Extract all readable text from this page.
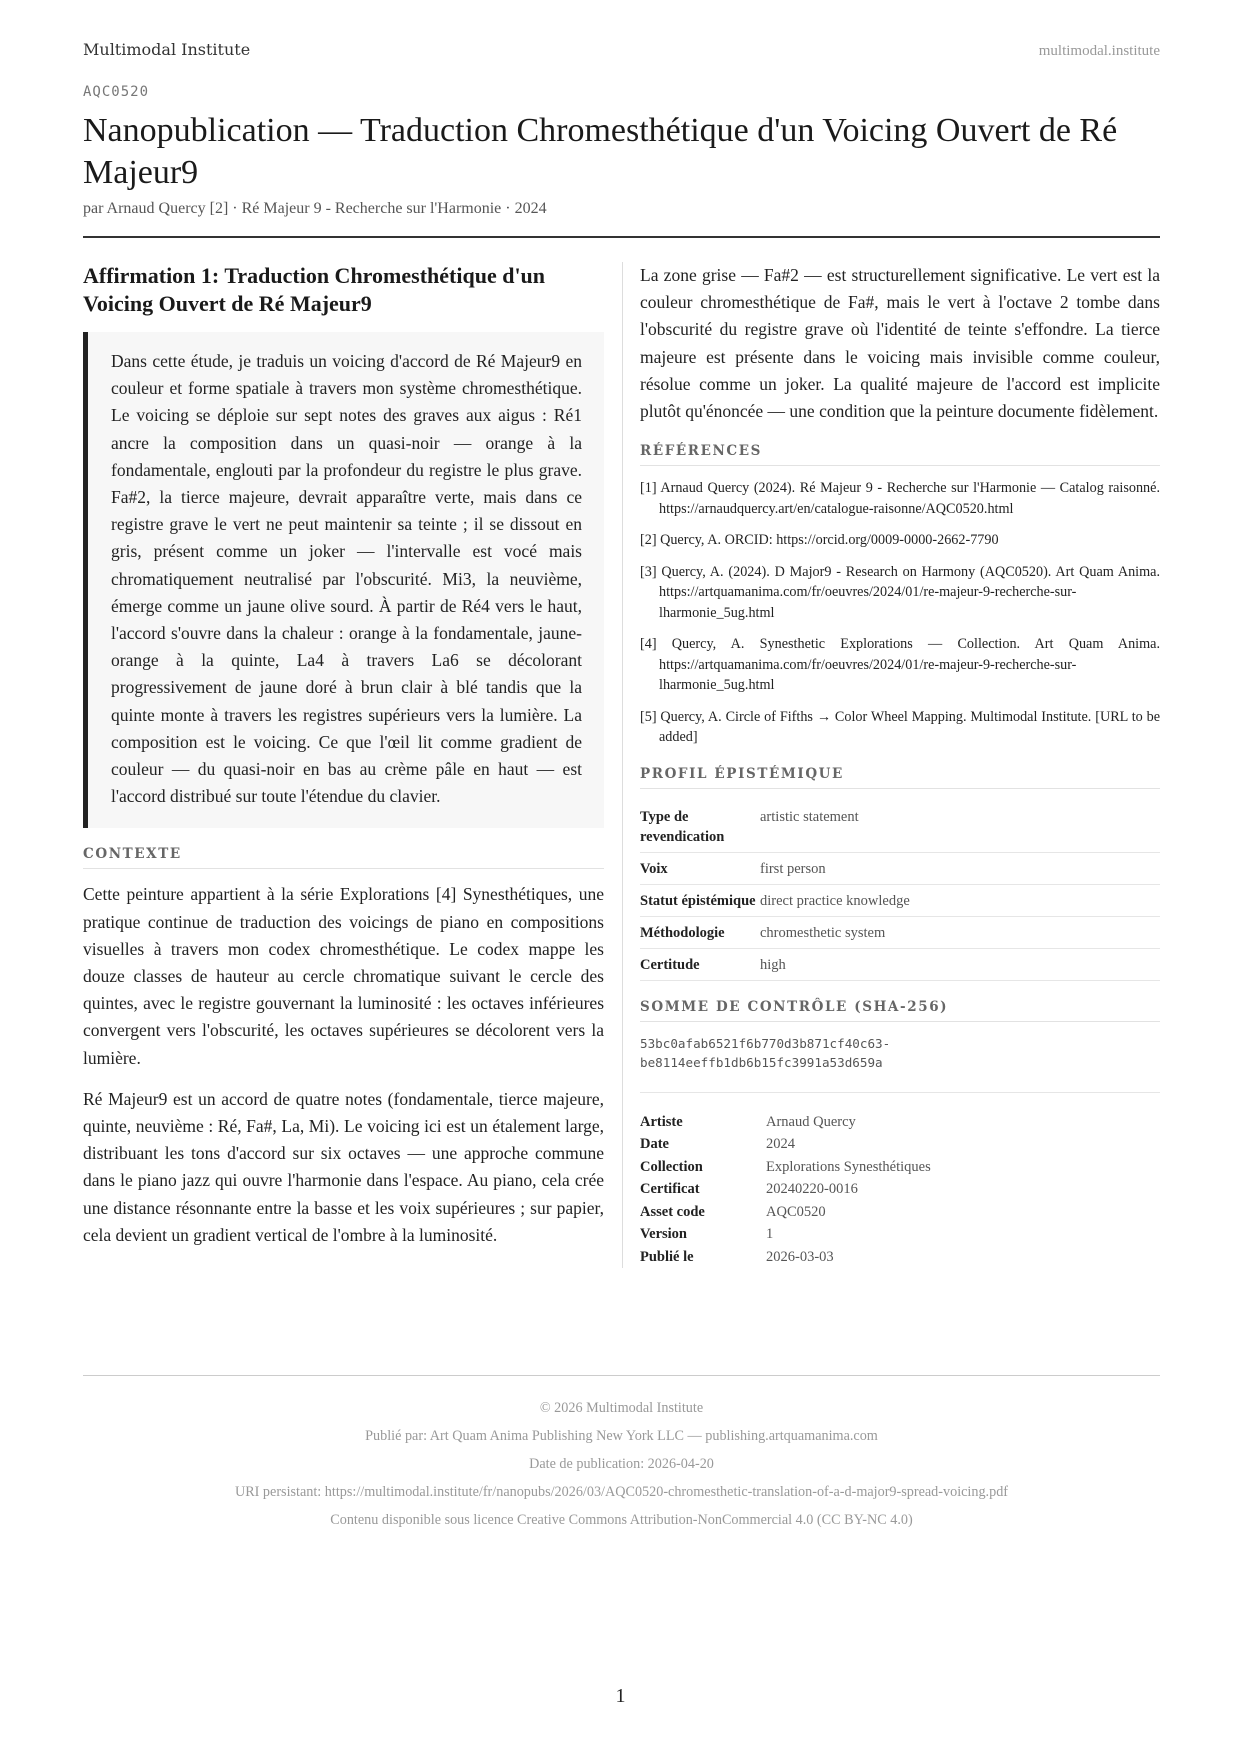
Multimodal Institute	multimodal.institute
AQC0520
Nanopublication — Traduction Chromesthétique d'un Voicing Ouvert de Ré Majeur9
par Arnaud Quercy [2] · Ré Majeur 9 - Recherche sur l'Harmonie · 2024
Affirmation 1: Traduction Chromesthétique d'un Voicing Ouvert de Ré Majeur9
Dans cette étude, je traduis un voicing d'accord de Ré Majeur9 en couleur et forme spatiale à travers mon système chromesthétique. Le voicing se déploie sur sept notes des graves aux aigus : Ré1 ancre la composition dans un quasi-noir — orange à la fondamentale, englouti par la profondeur du registre le plus grave. Fa#2, la tierce majeure, devrait apparaître verte, mais dans ce registre grave le vert ne peut maintenir sa teinte ; il se dissout en gris, présent comme un joker — l'intervalle est vocé mais chromatiquement neutralisé par l'obscurité. Mi3, la neuvième, émerge comme un jaune olive sourd. À partir de Ré4 vers le haut, l'accord s'ouvre dans la chaleur : orange à la fondamentale, jaune-orange à la quinte, La4 à travers La6 se décolorant progressivement de jaune doré à brun clair à blé tandis que la quinte monte à travers les registres supérieurs vers la lumière. La composition est le voicing. Ce que l'œil lit comme gradient de couleur — du quasi-noir en bas au crème pâle en haut — est l'accord distribué sur toute l'étendue du clavier.
CONTEXTE

Cette peinture appartient à la série Explorations [4] Synesthétiques, une pratique continue de traduction des voicings de piano en compositions visuelles à travers mon codex chromesthétique. Le codex mappe les douze classes de hauteur au cercle chromatique suivant le cercle des quintes, avec le registre gouvernant la luminosité : les octaves inférieures convergent vers l'obscurité, les octaves supérieures se décolorent vers la lumière.

Ré Majeur9 est un accord de quatre notes (fondamentale, tierce majeure, quinte, neuvième : Ré, Fa#, La, Mi). Le voicing ici est un étalement large, distribuant les tons d'accord sur six octaves — une approche commune dans le piano jazz qui ouvre l'harmonie dans l'espace. Au piano, cela crée une distance résonnante entre la basse et les voix supérieures ; sur papier, cela devient un gradient vertical de l'ombre à la luminosité.

La zone grise — Fa#2 — est structurellement significative. Le vert est la couleur chromesthétique de Fa#, mais le vert à l'octave 2 tombe dans l'obscurité du registre grave où l'identité de teinte s'effondre. La tierce majeure est présente dans le voicing mais invisible comme couleur, résolue comme un joker. La qualité majeure de l'accord est implicite plutôt qu'énoncée — une condition que la peinture documente fidèlement.

RÉFÉRENCES
[1] Arnaud Quercy (2024). Ré Majeur 9 - Recherche sur l'Harmonie — Catalog raisonné. https://arnaudquercy.art/en/catalogue-raisonne/AQC0520.html
[2] Quercy, A. ORCID: https://orcid.org/0009-0000-2662-7790
[3] Quercy, A. (2024). D Major9 - Research on Harmony (AQC0520). Art Quam Anima. https://artquamanima.com/fr/oeuvres/2024/01/re-majeur-9-recherche-sur-lharmonie_5ug.html
[4] Quercy, A. Synesthetic Explorations — Collection. Art Quam Anima. https://artquamanima.com/fr/oeuvres/2024/01/re-majeur-9-recherche-sur-lharmonie_5ug.html
[5] Quercy, A. Circle of Fifths → Color Wheel Mapping. Multimodal Institute. [URL to be added]
PROFIL ÉPISTÉMIQUE
Type de revendication	artistic statement
Voix	first person
Statut épistémique	direct practice knowledge
Méthodologie	chromesthetic system
Certitude	high
SOMME DE CONTRÔLE (SHA-256)
53bc0afab6521f6b770d3b871cf40c63-
be8114eeffb1db6b15fc3991a53d659a
Artiste	Arnaud Quercy
Date	2024
Collection	Explorations Synesthétiques
Certificat	20240220-0016
Asset code	AQC0520
Version	1
Publié le	2026-03-03
© 2026 Multimodal Institute
Publié par: Art Quam Anima Publishing New York LLC — publishing.artquamanima.com
Date de publication: 2026-04-20
URI persistant: https://multimodal.institute/fr/nanopubs/2026/03/AQC0520-chromesthetic-translation-of-a-d-major9-spread-voicing.pdf
Contenu disponible sous licence Creative Commons Attribution-NonCommercial 4.0 (CC BY-NC 4.0)
1
